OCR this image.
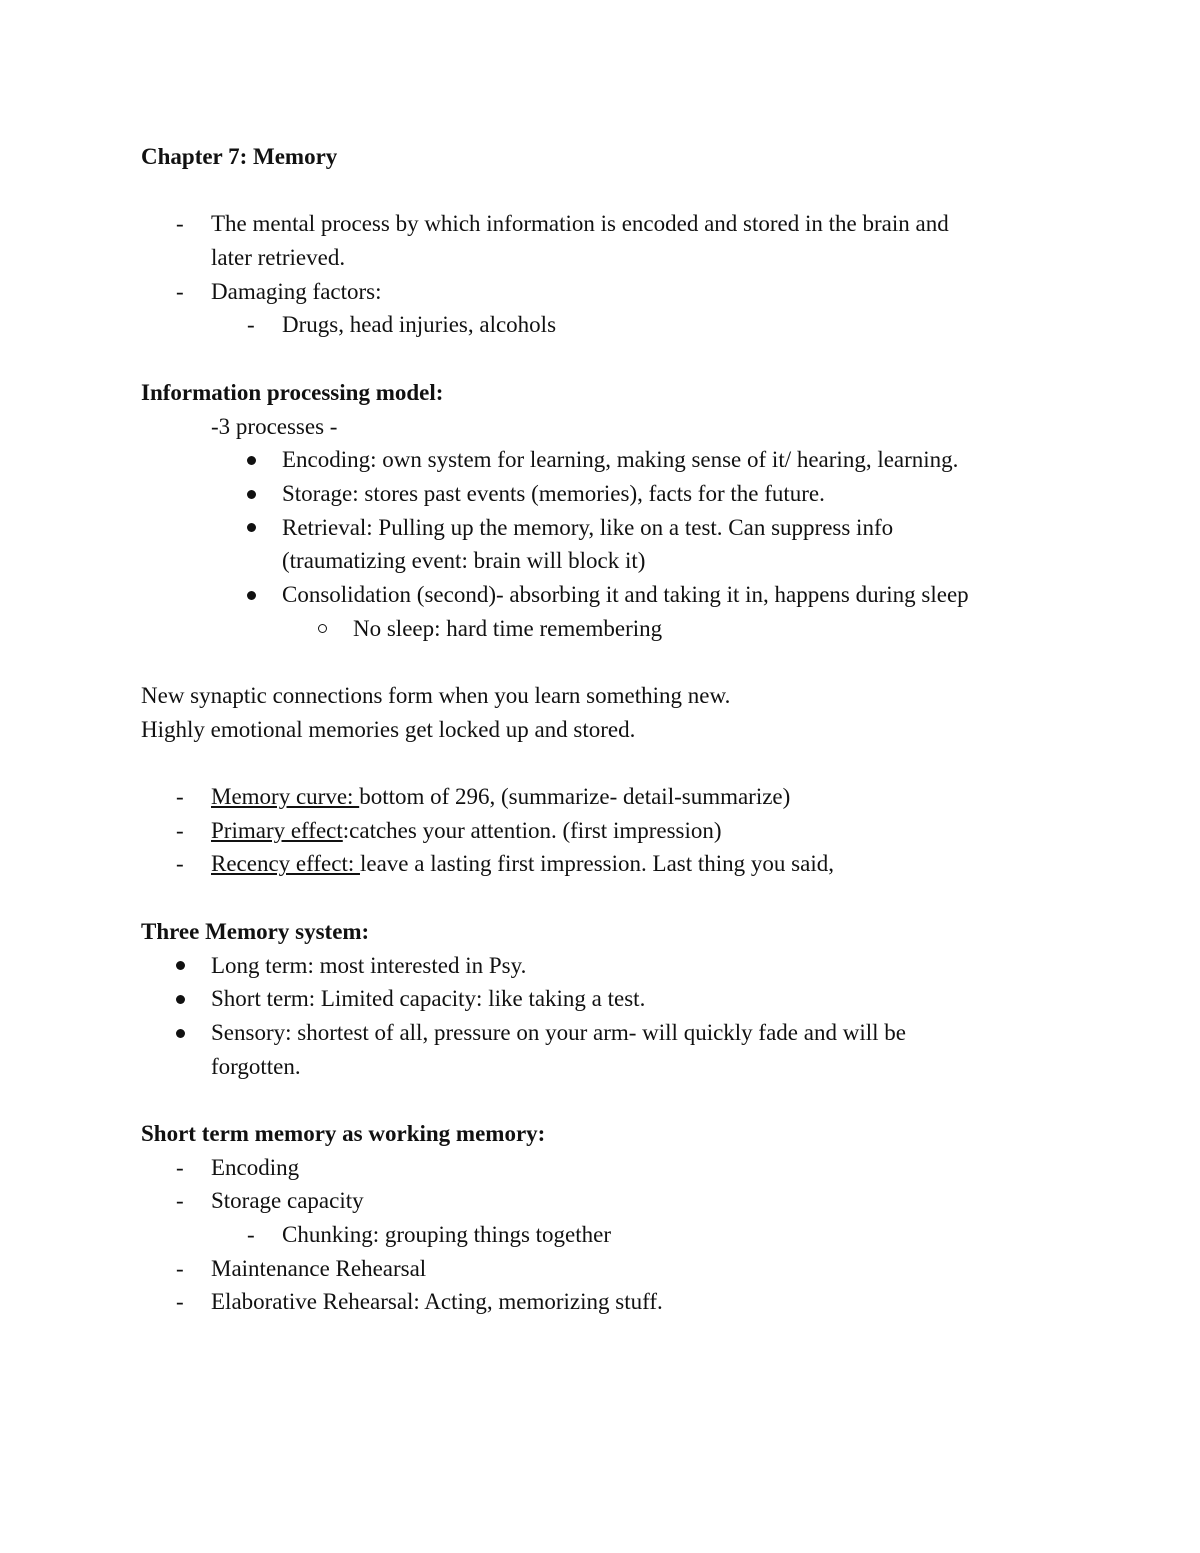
Chapter 7: Memory
- The mental process by which information is encoded and stored in the brain and
later retrieved.
- Damaging factors:
- Drugs, head injuries, alcohols
Information processing model:
-3 processes -
Encoding: own system for learning, making sense of it/ hearing, learning.
Storage: stores past events (memories), facts for the future.
Retrieval: Pulling up the memory, like on a test. Can suppress info
(traumatizing event: brain will block it)
Consolidation (second)- absorbing it and taking it in, happens during sleep
No sleep: hard time remembering
New synaptic connections form when you learn something new.
Highly emotional memories get locked up and stored.
- Memory curve: bottom of 296, (summarize- detail-summarize)
- Primary effect:catches your attention. (first impression)
- Recency effect: leave a lasting first impression. Last thing you said,
Three Memory system:
Long term: most interested in Psy.
Short term: Limited capacity: like taking a test.
Sensory: shortest of all, pressure on your arm- will quickly fade and will be
forgotten.
Short term memory as working memory:
- Encoding
- Storage capacity
- Chunking: grouping things together
- Maintenance Rehearsal
- Elaborative Rehearsal: Acting, memorizing stuff.
